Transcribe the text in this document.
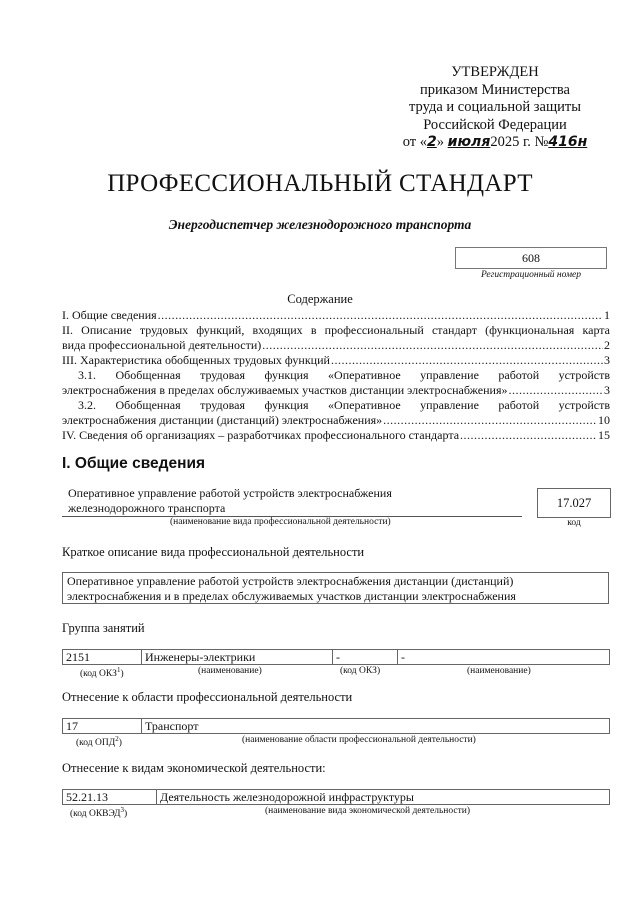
УТВЕРЖДЕН
приказом Министерства
труда и социальной защиты
Российской Федерации
от «2» июля2025 г. №416н
ПРОФЕССИОНАЛЬНЫЙ СТАНДАРТ
Энергодиспетчер железнодорожного транспорта
608
Регистрационный номер
Содержание
I. Общие сведения .....	1
II. Описание трудовых функций, входящих в профессиональный стандарт (функциональная карта
вида профессиональной деятельности) .....	2
III. Характеристика обобщенных трудовых функций .....	3
3.1. Обобщенная трудовая функция «Оперативное управление работой устройств
электроснабжения в пределах обслуживаемых участков дистанции электроснабжения» .....	3
3.2. Обобщенная трудовая функция «Оперативное управление работой устройств
электроснабжения дистанции (дистанций) электроснабжения» .....	10
IV. Сведения об организациях – разработчиках профессионального стандарта .....	15
I. Общие сведения
Оперативное управление работой устройств электроснабжения железнодорожного транспорта
(наименование вида профессиональной деятельности)
17.027
код
Краткое описание вида профессиональной деятельности
Оперативное управление работой устройств электроснабжения дистанции (дистанций) электроснабжения и в пределах обслуживаемых участков дистанции электроснабжения
Группа занятий
2151	Инженеры-электрики	-	-
(код ОКЗ$^1$)	(наименование)	(код ОКЗ)	(наименование)
Отнесение к области профессиональной деятельности
17	Транспорт
(код ОПД$^2$)	(наименование области профессиональной деятельности)
Отнесение к видам экономической деятельности:
52.21.13	Деятельность железнодорожной инфраструктуры
(код ОКВЭД$^3$)	(наименование вида экономической деятельности)
